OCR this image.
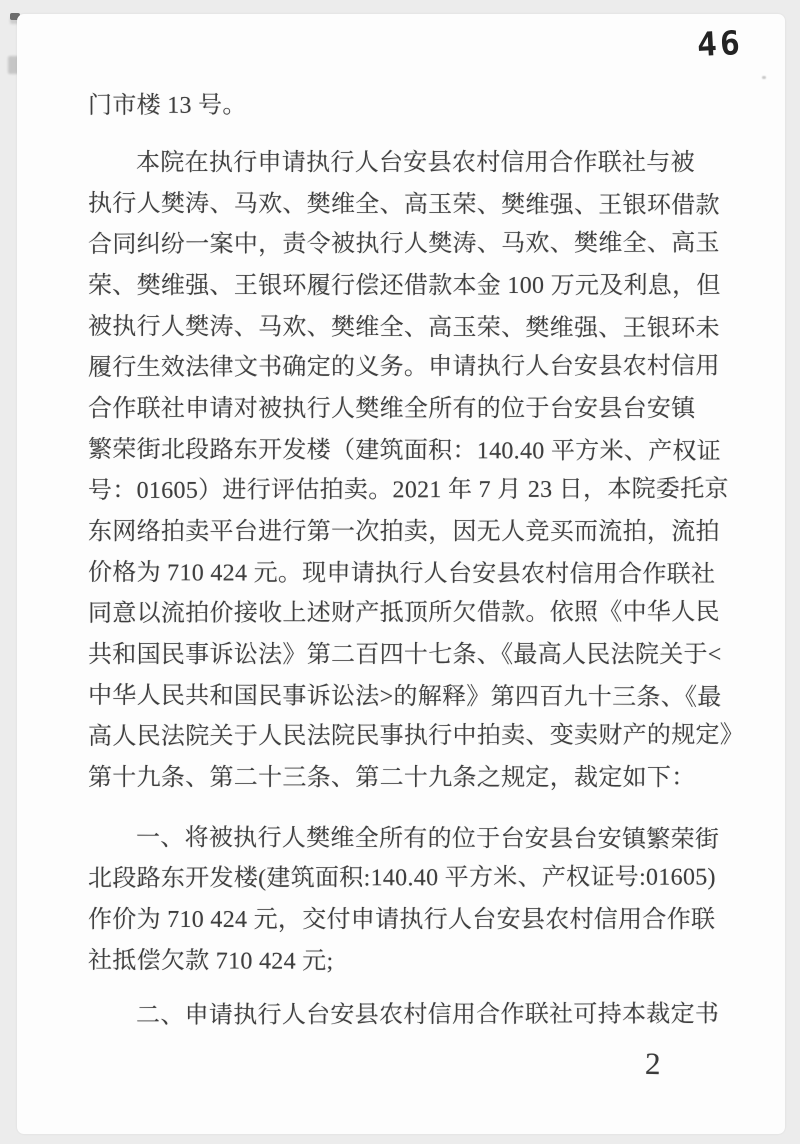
46
门市楼 13 号。
本院在执行申请执行人台安县农村信用合作联社与被
执行人樊涛、马欢、樊维全、高玉荣、樊维强、王银环借款
合同纠纷一案中，责令被执行人樊涛、马欢、樊维全、高玉
荣、樊维强、王银环履行偿还借款本金 100 万元及利息，但
被执行人樊涛、马欢、樊维全、高玉荣、樊维强、王银环未
履行生效法律文书确定的义务。申请执行人台安县农村信用
合作联社申请对被执行人樊维全所有的位于台安县台安镇
繁荣街北段路东开发楼（建筑面积：140.40 平方米、产权证
号：01605）进行评估拍卖。2021 年 7 月 23 日，本院委托京
东网络拍卖平台进行第一次拍卖，因无人竞买而流拍，流拍
价格为 710 424 元。现申请执行人台安县农村信用合作联社
同意以流拍价接收上述财产抵顶所欠借款。依照《中华人民
共和国民事诉讼法》第二百四十七条、《最高人民法院关于<
中华人民共和国民事诉讼法>的解释》第四百九十三条、《最
高人民法院关于人民法院民事执行中拍卖、变卖财产的规定》
第十九条、第二十三条、第二十九条之规定，裁定如下：
一、将被执行人樊维全所有的位于台安县台安镇繁荣街
北段路东开发楼(建筑面积:140.40 平方米、产权证号:01605)
作价为 710 424 元，交付申请执行人台安县农村信用合作联
社抵偿欠款 710 424 元;
二、申请执行人台安县农村信用合作联社可持本裁定书
2
